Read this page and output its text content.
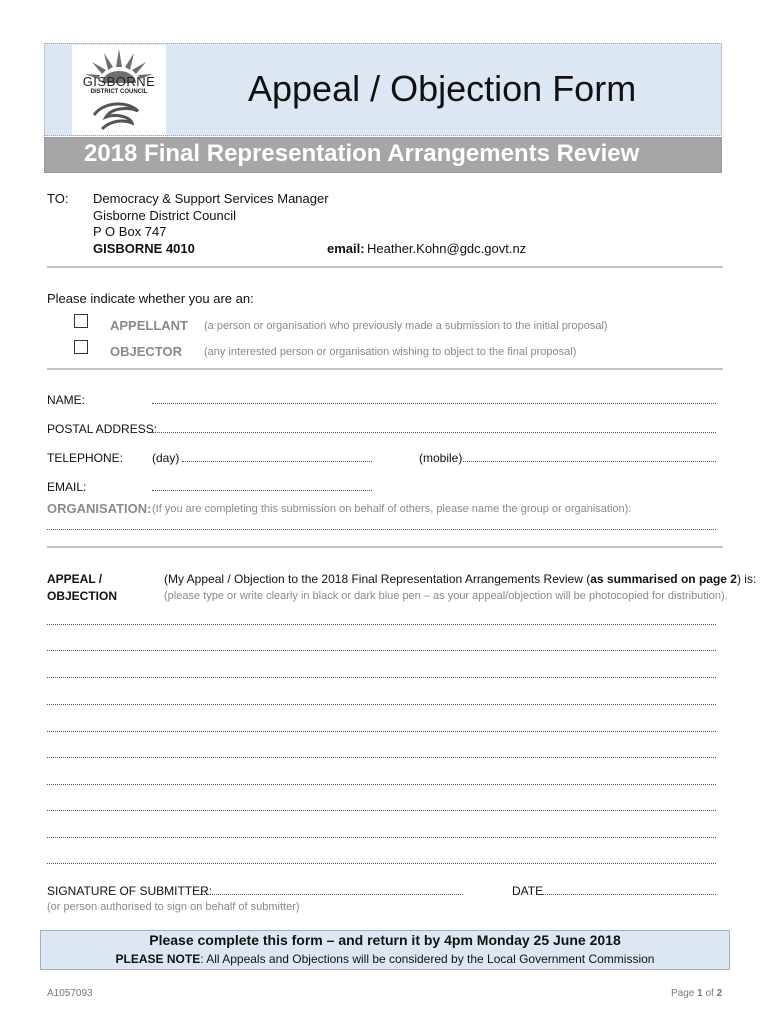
GISBORNE
DISTRICT COUNCIL	Appeal / Objection Form
2018 Final Representation Arrangements Review
TO: Democracy & Support Services Manager
Gisborne District Council
P O Box 747
GISBORNE 4010	email: Heather.Kohn@gdc.govt.nz
Please indicate whether you are an:
APPELLANT (a person or organisation who previously made a submission to the initial proposal)
OBJECTOR (any interested person or organisation wishing to object to the final proposal)
NAME:
POSTAL ADDRESS:
TELEPHONE: (day)	(mobile)
EMAIL:
ORGANISATION: (If you are completing this submission on behalf of others, please name the group or organisation):
APPEAL /
OBJECTION
(My Appeal / Objection to the 2018 Final Representation Arrangements Review (as summarised on page 2) is:
(please type or write clearly in black or dark blue pen – as your appeal/objection will be photocopied for distribution).
SIGNATURE OF SUBMITTER:	DATE
(or person authorised to sign on behalf of submitter)
Please complete this form – and return it by 4pm Monday 25 June 2018
PLEASE NOTE: All Appeals and Objections will be considered by the Local Government Commission
A1057093	Page 1 of 2
